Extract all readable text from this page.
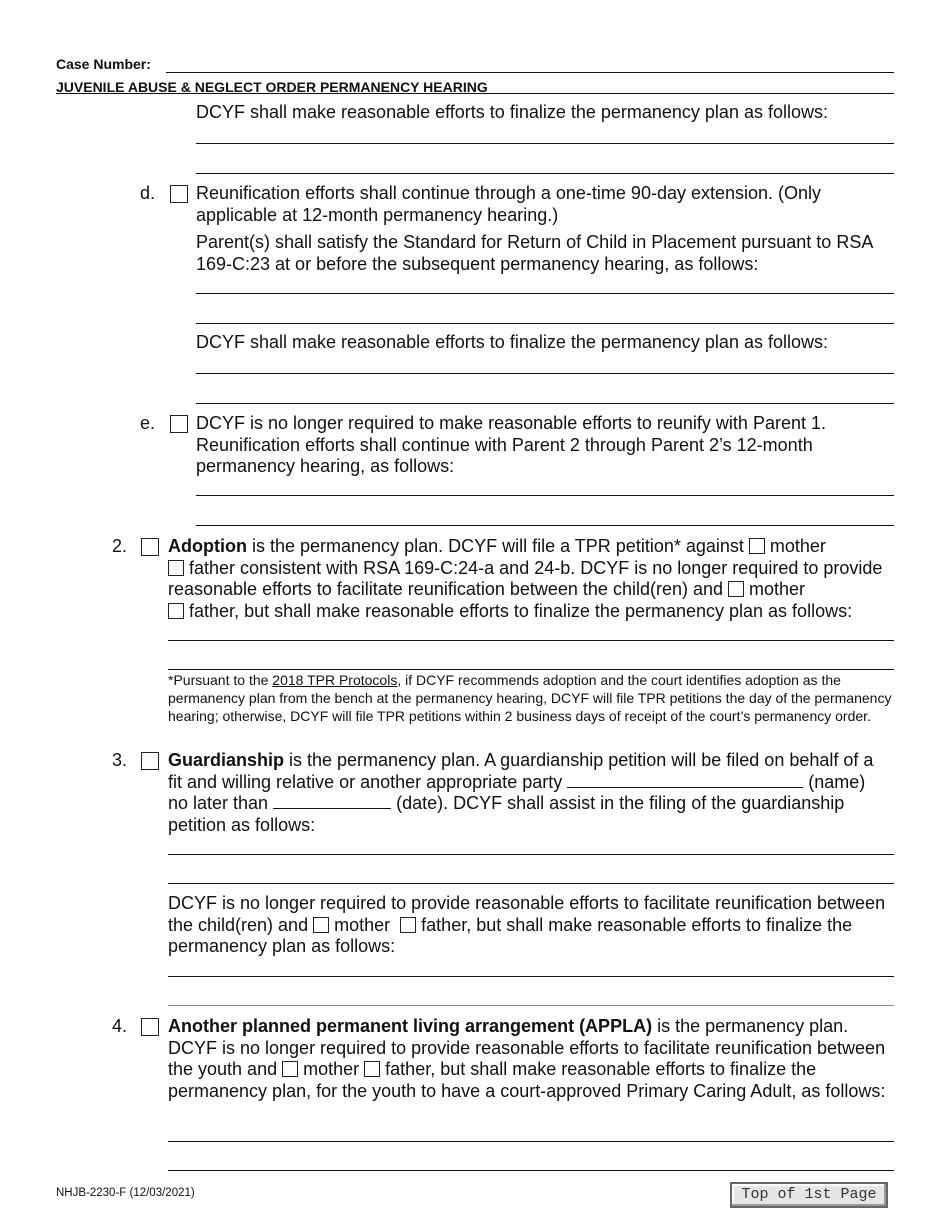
Case Number:
JUVENILE ABUSE & NEGLECT ORDER PERMANENCY HEARING
DCYF shall make reasonable efforts to finalize the permanency plan as follows:
d. Reunification efforts shall continue through a one-time 90-day extension. (Only applicable at 12-month permanency hearing.)
Parent(s) shall satisfy the Standard for Return of Child in Placement pursuant to RSA 169-C:23 at or before the subsequent permanency hearing, as follows:
DCYF shall make reasonable efforts to finalize the permanency plan as follows:
e. DCYF is no longer required to make reasonable efforts to reunify with Parent 1. Reunification efforts shall continue with Parent 2 through Parent 2’s 12-month permanency hearing, as follows:
2. Adoption is the permanency plan. DCYF will file a TPR petition* against  mother
father consistent with RSA 169-C:24-a and 24-b. DCYF is no longer required to provide reasonable efforts to facilitate reunification between the child(ren) and  mother
father, but shall make reasonable efforts to finalize the permanency plan as follows:
*Pursuant to the 2018 TPR Protocols, if DCYF recommends adoption and the court identifies adoption as the permanency plan from the bench at the permanency hearing, DCYF will file TPR petitions the day of the permanency hearing; otherwise, DCYF will file TPR petitions within 2 business days of receipt of the court’s permanency order.
3. Guardianship is the permanency plan. A guardianship petition will be filed on behalf of a fit and willing relative or another appropriate party	(name)
no later than	(date). DCYF shall assist in the filing of the guardianship petition as follows:
DCYF is no longer required to provide reasonable efforts to facilitate reunification between the child(ren) and  mother father, but shall make reasonable efforts to finalize the permanency plan as follows:
4. Another planned permanent living arrangement (APPLA) is the permanency plan. DCYF is no longer required to provide reasonable efforts to facilitate reunification between the youth and  mother father, but shall make reasonable efforts to finalize the permanency plan, for the youth to have a court-approved Primary Caring Adult, as follows:
NHJB-2230-F (12/03/2021)	Top of 1st Page
